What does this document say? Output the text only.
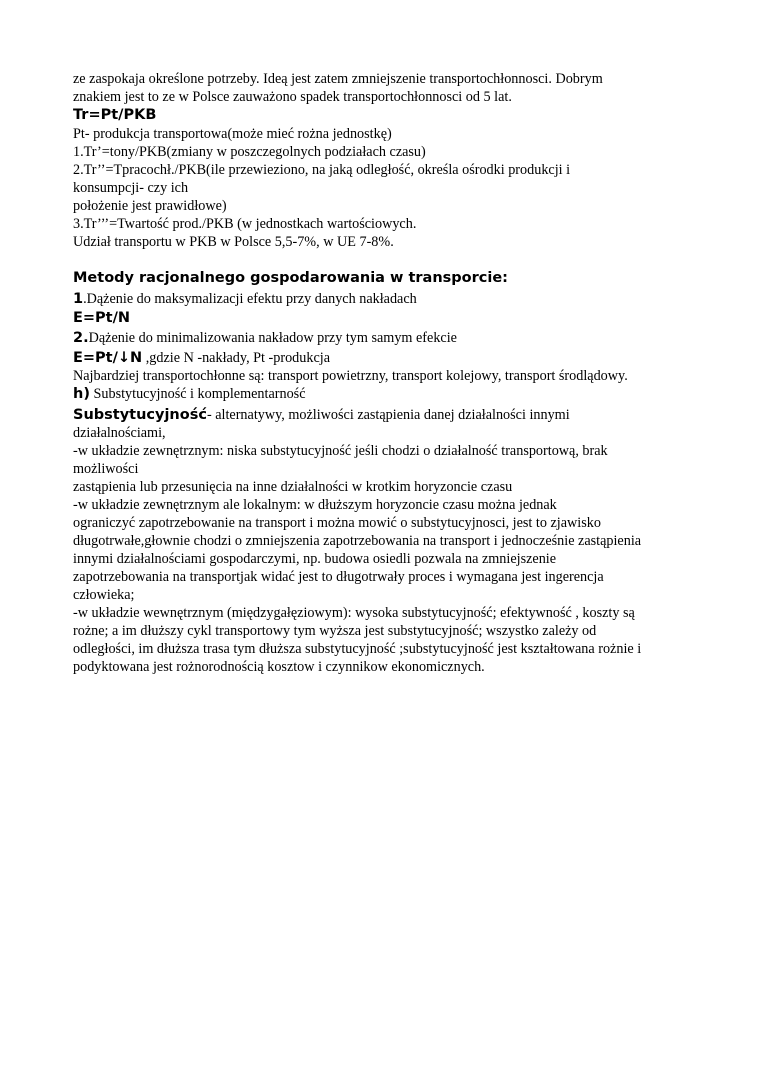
ze zaspokaja określone potrzeby. Ideą jest zatem zmniejszenie transportochłonnosci. Dobrym
znakiem jest to ze w Polsce zauważono spadek transportochłonnosci od 5 lat.
Tr=Pt/PKB
Pt- produkcja transportowa(może mieć rożna jednostkę)
1.Tr’=tony/PKB(zmiany w poszczegolnych podziałach czasu)
2.Tr’’=Tpracochł./PKB(ile przewieziono, na jaką odległość, określa ośrodki produkcji i
konsumpcji- czy ich
położenie jest prawidłowe)
3.Tr’’’=Twartość prod./PKB (w jednostkach wartościowych.
Udział transportu w PKB w Polsce 5,5-7%, w UE 7-8%.
Metody racjonalnego gospodarowania w transporcie:
1.Dążenie do maksymalizacji efektu przy danych nakładach
E=Pt/N
2.Dążenie do minimalizowania nakładow przy tym samym efekcie
E=Pt/↓N ,gdzie N -nakłady, Pt -produkcja
Najbardziej transportochłonne są: transport powietrzny, transport kolejowy, transport środlądowy.
h) Substytucyjność i komplementarność
Substytucyjność- alternatywy, możliwości zastąpienia danej działalności innymi
działalnościami,
-w układzie zewnętrznym: niska substytucyjność jeśli chodzi o działalność transportową, brak
możliwości
zastąpienia lub przesunięcia na inne działalności w krotkim horyzoncie czasu
-w układzie zewnętrznym ale lokalnym: w dłuższym horyzoncie czasu można jednak
ograniczyć zapotrzebowanie na transport i można mowić o substytucyjnosci, jest to zjawisko
długotrwałe,głownie chodzi o zmniejszenia zapotrzebowania na transport i jednocześnie zastąpienia
innymi działalnościami gospodarczymi, np. budowa osiedli pozwala na zmniejszenie
zapotrzebowania na transportjak widać jest to długotrwały proces i wymagana jest ingerencja
człowieka;
-w układzie wewnętrznym (międzygałęziowym): wysoka substytucyjność; efektywność , koszty są
rożne; a im dłuższy cykl transportowy tym wyższa jest substytucyjność; wszystko zależy od
odległości, im dłuższa trasa tym dłuższa substytucyjność ;substytucyjność jest kształtowana rożnie i
podyktowana jest rożnorodnością kosztow i czynnikow ekonomicznych.
